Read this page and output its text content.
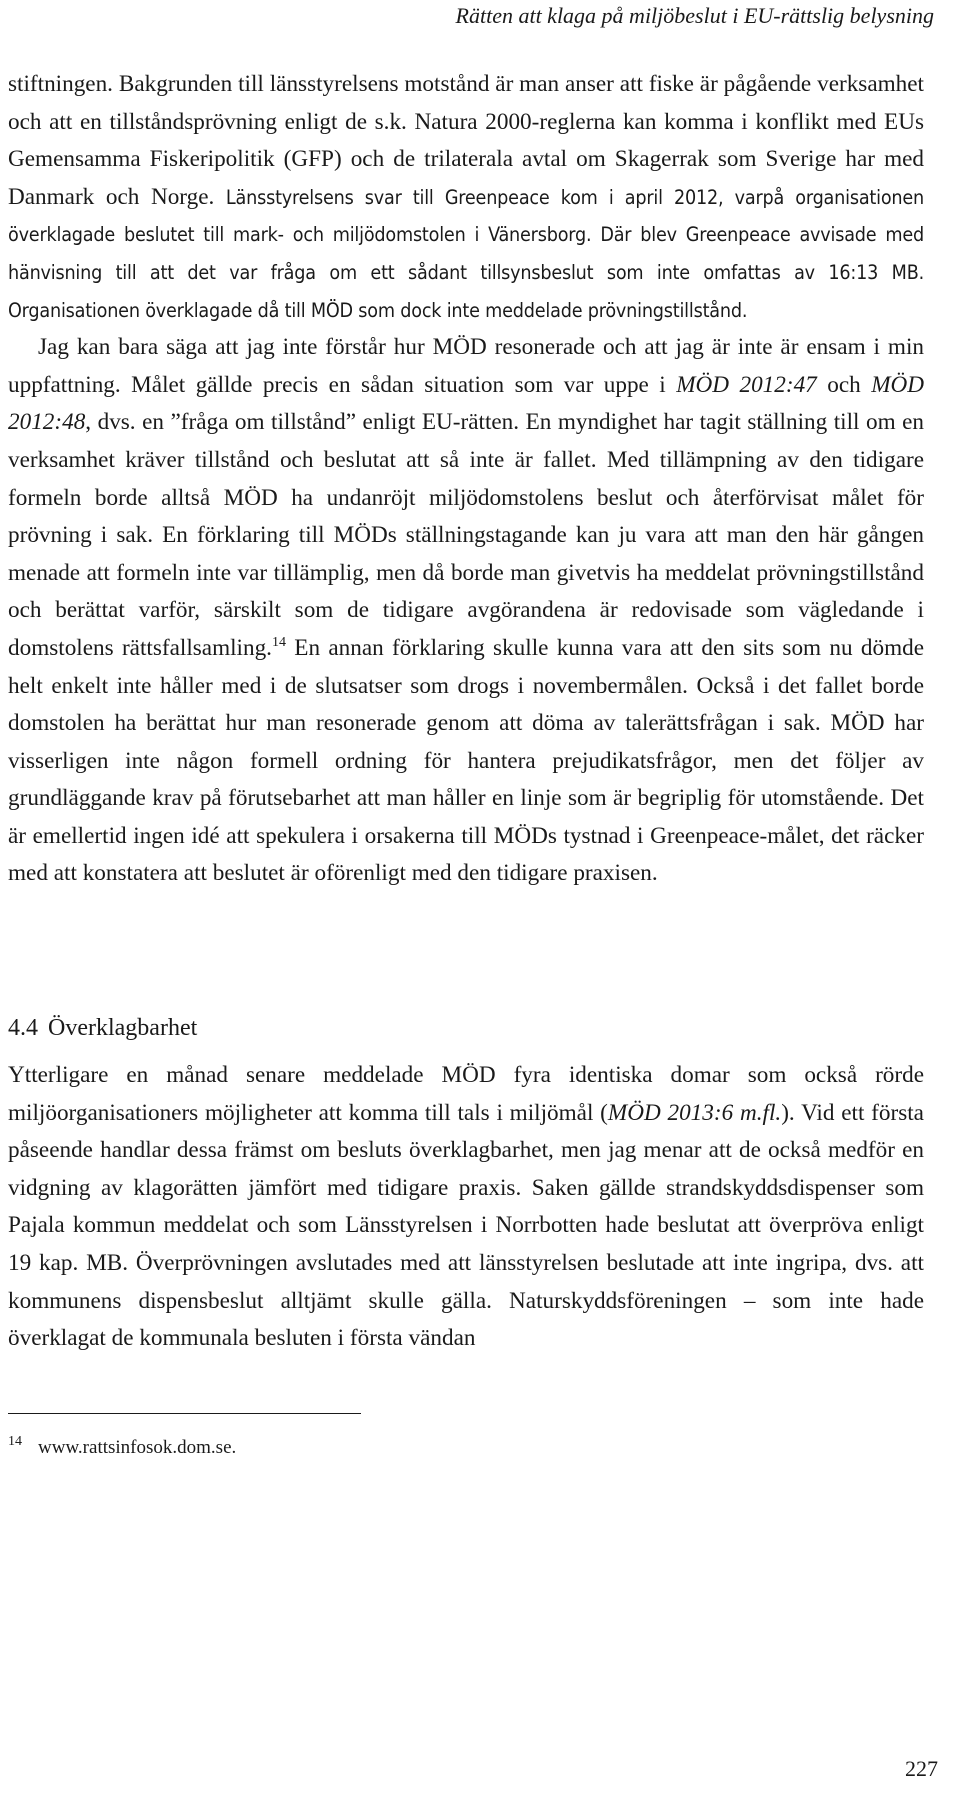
Rätten att klaga på miljöbeslut i EU-rättslig belysning

stiftningen. Bakgrunden till länsstyrelsens motstånd är man anser att fiske är pågående verksamhet och att en tillståndsprövning enligt de s.k. Natura 2000-reglerna kan komma i konflikt med EUs Gemensamma Fiskeripolitik (GFP) och de trilaterala avtal om Skagerrak som Sverige har med Danmark och Norge. Länsstyrelsens svar till Greenpeace kom i april 2012, varpå organisationen överklagade beslutet till mark- och miljödomstolen i Vänersborg. Där blev Greenpeace avvisade med hänvisning till att det var fråga om ett sådant tillsynsbeslut som inte omfattas av 16:13 MB. Organisationen överklagade då till MÖD som dock inte meddelade prövningstillstånd.

Jag kan bara säga att jag inte förstår hur MÖD resonerade och att jag är inte är ensam i min uppfattning. Målet gällde precis en sådan situation som var uppe i MÖD 2012:47 och MÖD 2012:48, dvs. en ”fråga om tillstånd” enligt EU-rätten. En myndighet har tagit ställning till om en verksamhet kräver tillstånd och beslutat att så inte är fallet. Med tillämpning av den tidigare formeln borde alltså MÖD ha undanröjt miljödomstolens beslut och återförvisat målet för prövning i sak. En förklaring till MÖDs ställningstagande kan ju vara att man den här gången menade att formeln inte var tillämplig, men då borde man givetvis ha meddelat prövningstillstånd och berättat varför, särskilt som de tidigare avgörandena är redovisade som vägledande i domstolens rättsfallsamling.$^{14}$ En annan förklaring skulle kunna vara att den sits som nu dömde helt enkelt inte håller med i de slutsatser som drogs i novembermålen. Också i det fallet borde domstolen ha berättat hur man resonerade genom att döma av talerättsfrågan i sak. MÖD har visserligen inte någon formell ordning för hantera prejudikatsfrågor, men det följer av grundläggande krav på förutsebarhet att man håller en linje som är begriplig för utomstående. Det är emellertid ingen idé att spekulera i orsakerna till MÖDs tystnad i Greenpeace-målet, det räcker med att konstatera att beslutet är oförenligt med den tidigare praxisen.

4.4 Överklagbarhet

Ytterligare en månad senare meddelade MÖD fyra identiska domar som också rörde miljöorganisationers möjligheter att komma till tals i miljömål (MÖD 2013:6 m.fl.). Vid ett första påseende handlar dessa främst om besluts överklagbarhet, men jag menar att de också medför en vidgning av klagorätten jämfört med tidigare praxis. Saken gällde strandskyddsdispenser som Pajala kommun meddelat och som Länsstyrelsen i Norrbotten hade beslutat att överpröva enligt 19 kap. MB. Överprövningen avslutades med att länsstyrelsen beslutade att inte ingripa, dvs. att kommunens dispensbeslut alltjämt skulle gälla. Naturskyddsföreningen – som inte hade överklagat de kommunala besluten i första vändan

14 www.rattsinfosok.dom.se.
227
